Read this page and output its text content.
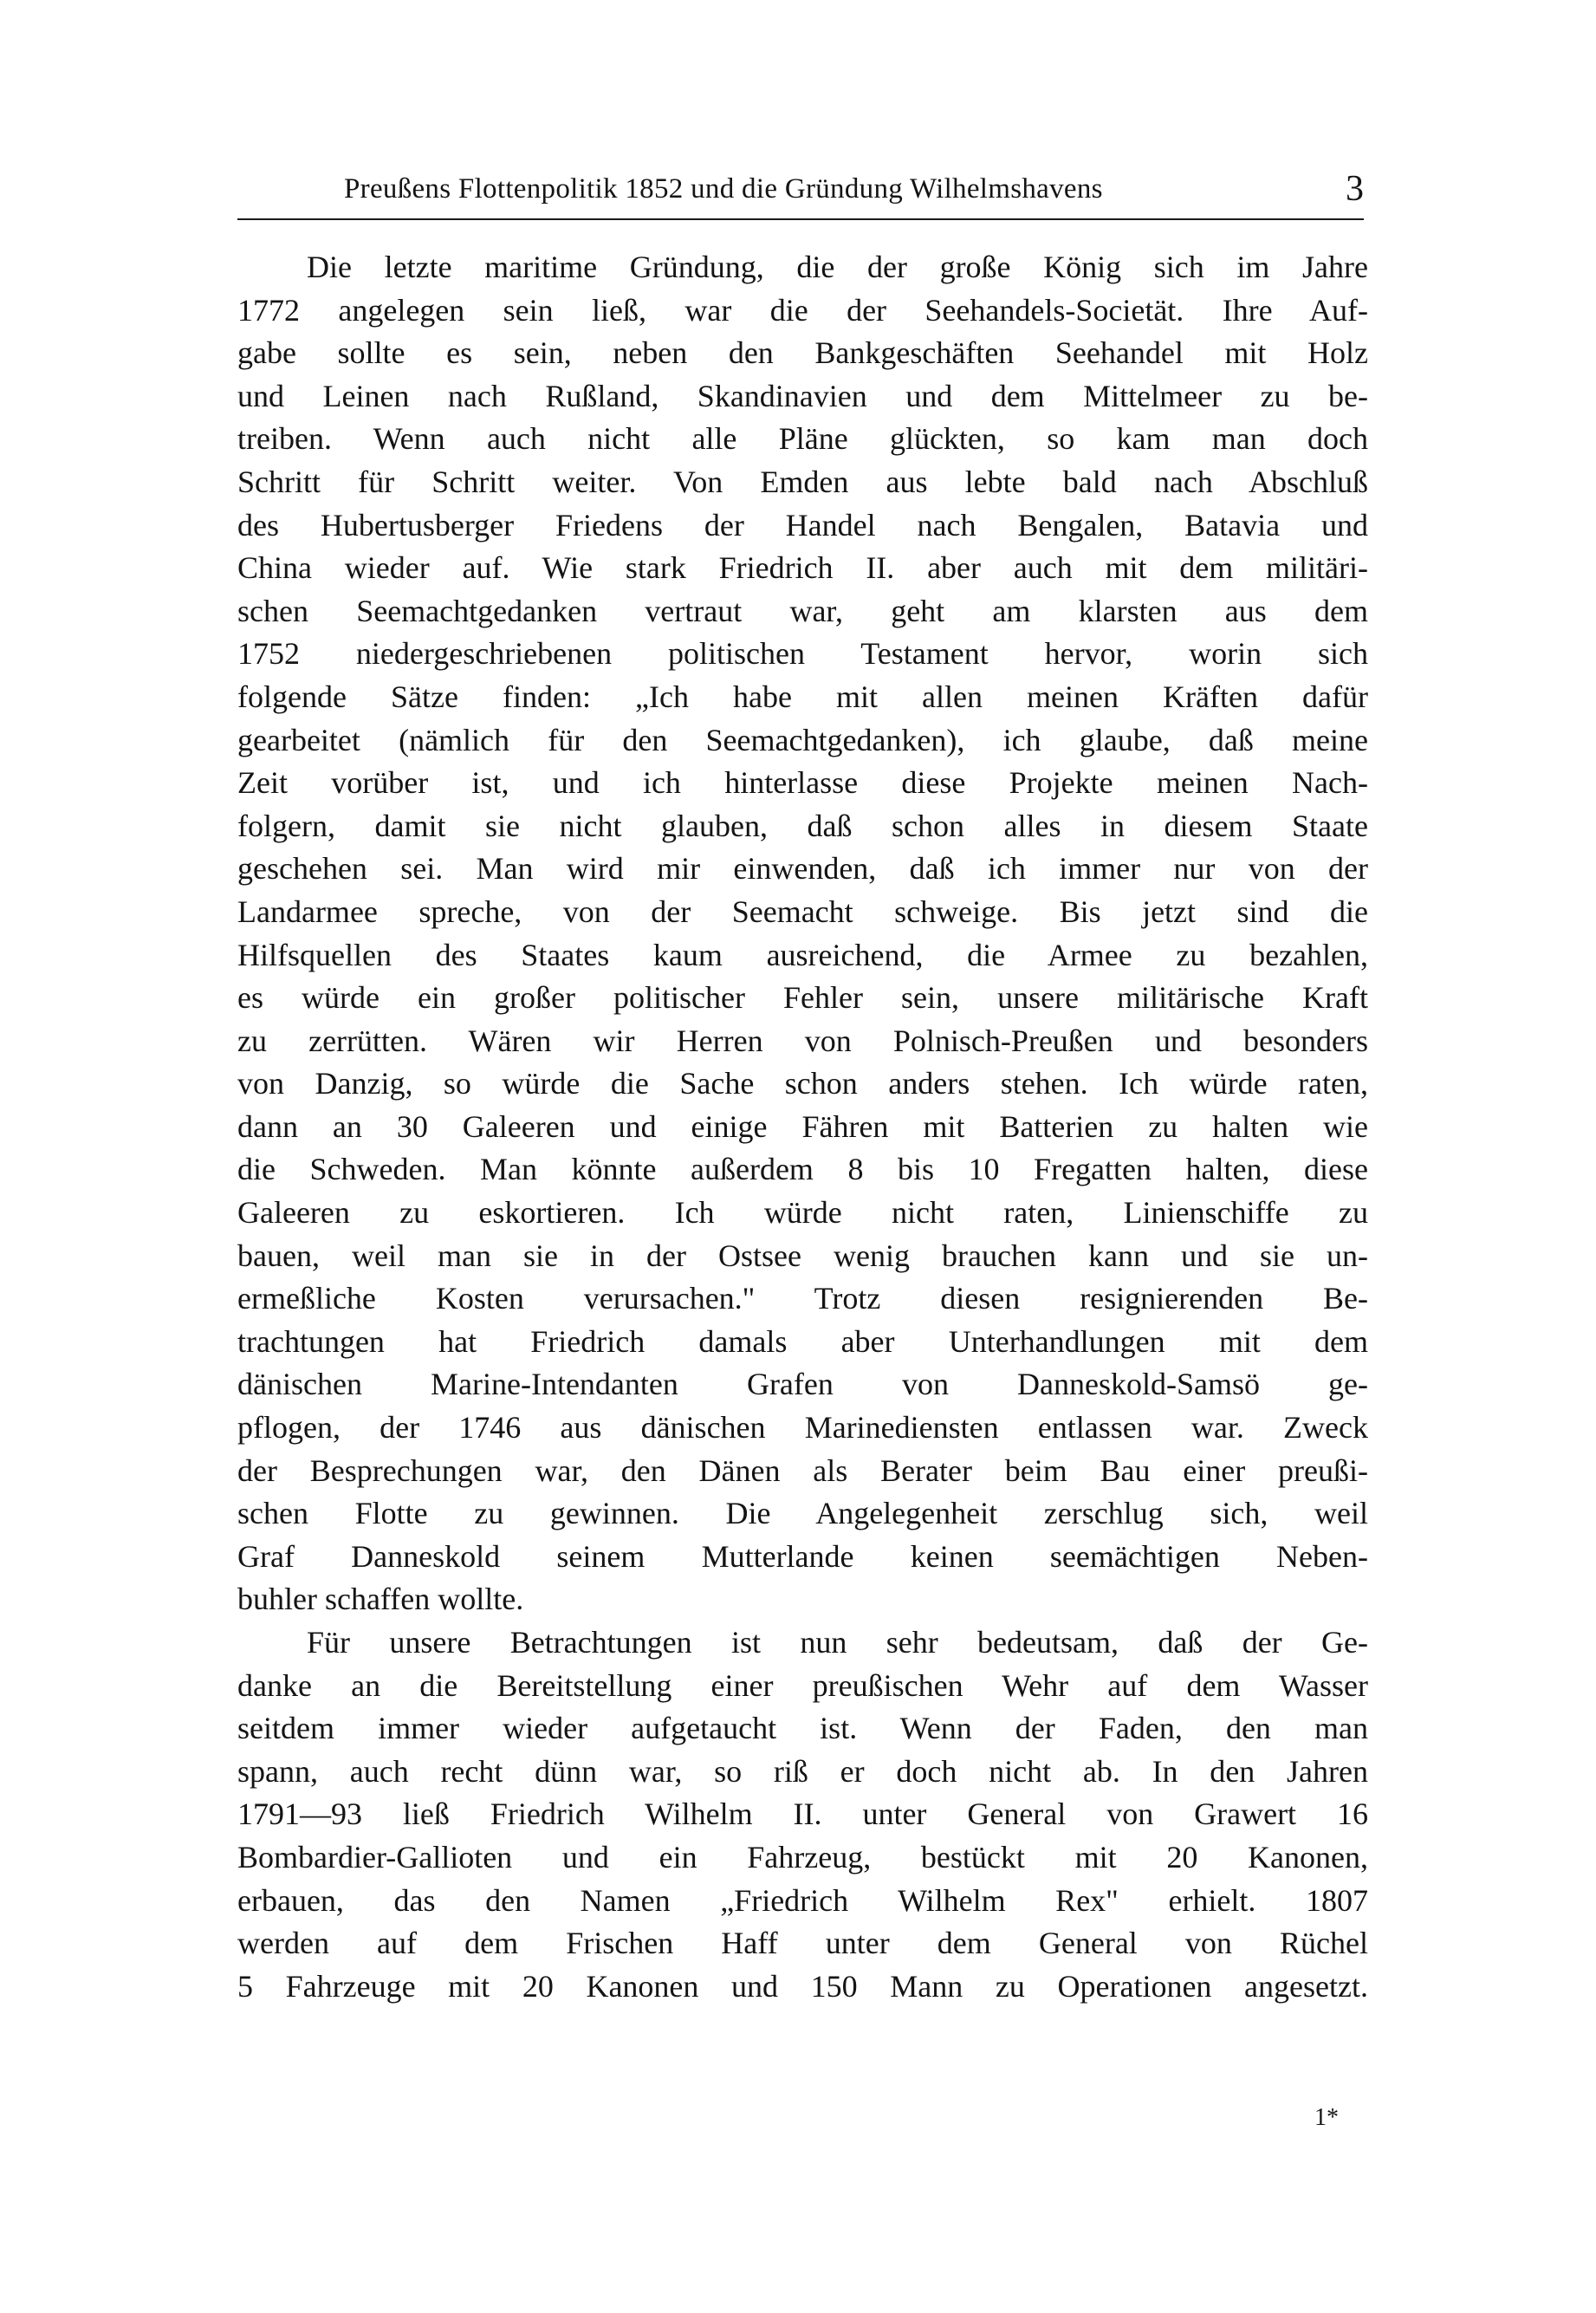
Preußens Flottenpolitik 1852 und die Gründung Wilhelmshavens	3
Die letzte maritime Gründung, die der große König sich im Jahre
1772 angelegen sein ließ, war die der Seehandels-Societät. Ihre Auf-
gabe sollte es sein, neben den Bankgeschäften Seehandel mit Holz
und Leinen nach Rußland, Skandinavien und dem Mittelmeer zu be-
treiben. Wenn auch nicht alle Pläne glückten, so kam man doch
Schritt für Schritt weiter. Von Emden aus lebte bald nach Abschluß
des Hubertusberger Friedens der Handel nach Bengalen, Batavia und
China wieder auf. Wie stark Friedrich II. aber auch mit dem militäri-
schen Seemachtgedanken vertraut war, geht am klarsten aus dem
1752 niedergeschriebenen politischen Testament hervor, worin sich
folgende Sätze finden: „Ich habe mit allen meinen Kräften dafür
gearbeitet (nämlich für den Seemachtgedanken), ich glaube, daß meine
Zeit vorüber ist, und ich hinterlasse diese Projekte meinen Nach-
folgern, damit sie nicht glauben, daß schon alles in diesem Staate
geschehen sei. Man wird mir einwenden, daß ich immer nur von der
Landarmee spreche, von der Seemacht schweige. Bis jetzt sind die
Hilfsquellen des Staates kaum ausreichend, die Armee zu bezahlen,
es würde ein großer politischer Fehler sein, unsere militärische Kraft
zu zerrütten. Wären wir Herren von Polnisch-Preußen und besonders
von Danzig, so würde die Sache schon anders stehen. Ich würde raten,
dann an 30 Galeeren und einige Fähren mit Batterien zu halten wie
die Schweden. Man könnte außerdem 8 bis 10 Fregatten halten, diese
Galeeren zu eskortieren. Ich würde nicht raten, Linienschiffe zu
bauen, weil man sie in der Ostsee wenig brauchen kann und sie un-
ermeßliche Kosten verursachen." Trotz diesen resignierenden Be-
trachtungen hat Friedrich damals aber Unterhandlungen mit dem
dänischen Marine-Intendanten Grafen von Danneskold-Samsö ge-
pflogen, der 1746 aus dänischen Marinediensten entlassen war. Zweck
der Besprechungen war, den Dänen als Berater beim Bau einer preußi-
schen Flotte zu gewinnen. Die Angelegenheit zerschlug sich, weil
Graf Danneskold seinem Mutterlande keinen seemächtigen Neben-
buhler schaffen wollte.
Für unsere Betrachtungen ist nun sehr bedeutsam, daß der Ge-
danke an die Bereitstellung einer preußischen Wehr auf dem Wasser
seitdem immer wieder aufgetaucht ist. Wenn der Faden, den man
spann, auch recht dünn war, so riß er doch nicht ab. In den Jahren
1791—93 ließ Friedrich Wilhelm II. unter General von Grawert 16
Bombardier-Gallioten und ein Fahrzeug, bestückt mit 20 Kanonen,
erbauen, das den Namen „Friedrich Wilhelm Rex" erhielt. 1807
werden auf dem Frischen Haff unter dem General von Rüchel
5 Fahrzeuge mit 20 Kanonen und 150 Mann zu Operationen angesetzt.
1*
